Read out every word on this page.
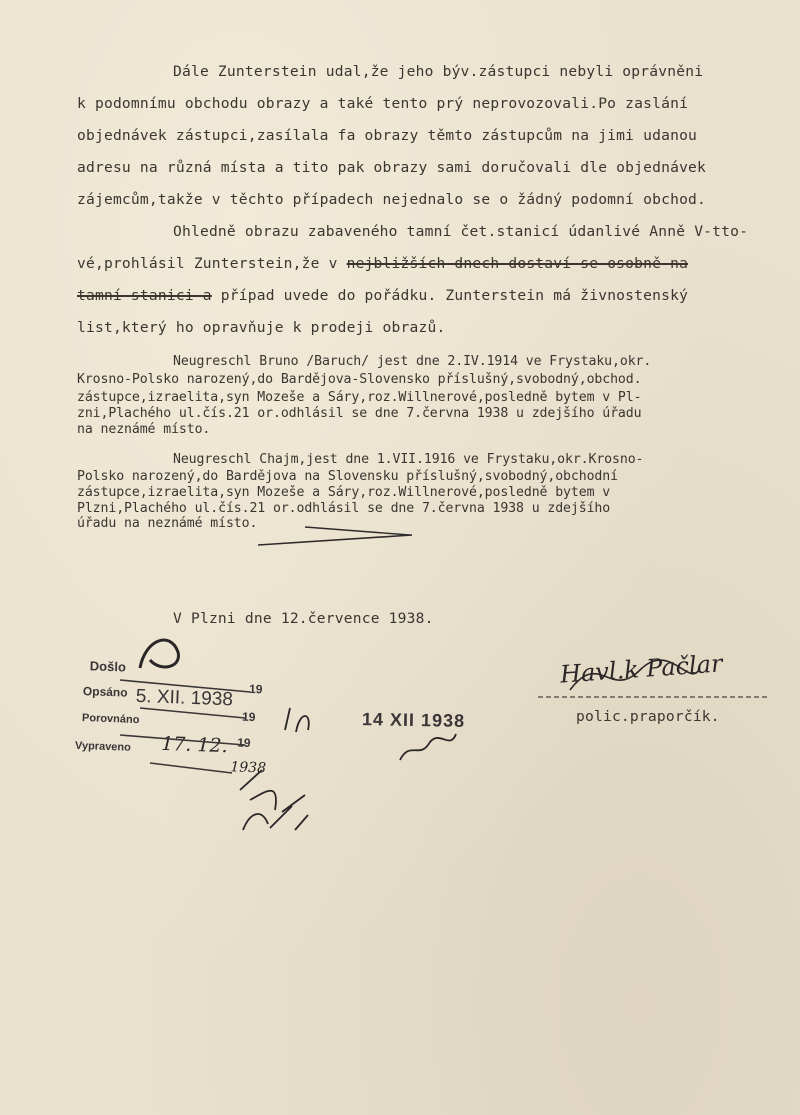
Dále Zunterstein udal,že jeho býv.zástupci nebyli oprávněni
k podomnímu obchodu obrazy a také tento prý neprovozovali.Po zaslání
objednávek zástupci,zasílala fa obrazy těmto zástupcům na jimi udanou
adresu na různá místa a tito pak obrazy sami doručovali dle objednávek
zájemcům,takže v těchto případech nejednalo se o žádný podomní obchod.
Ohledně obrazu zabaveného tamní čet.stanicí údanlivé Anně V-tto-
vé,prohlásil Zunterstein,že v nejbližších dnech dostaví se osobně na
tamní stanici a případ uvede do pořádku. Zunterstein má živnostenský
list,který ho opravňuje k prodeji obrazů.
Neugreschl Bruno /Baruch/ jest dne 2.IV.1914 ve Frystaku,okr.
Krosno-Polsko narozený,do Bardějova-Slovensko příslušný,svobodný,obchod.
zástupce,izraelita,syn Mozeše a Sáry,roz.Willnerové,posledně bytem v Pl-
zni,Plachého ul.čís.21 or.odhlásil se dne 7.června 1938 u zdejšího úřadu
na neznámé místo.
Neugreschl Chajm,jest dne 1.VII.1916 ve Frystaku,okr.Krosno-
Polsko narozený,do Bardějova na Slovensku příslušný,svobodný,obchodní
zástupce,izraelita,syn Mozeše a Sáry,roz.Willnerové,posledně bytem v
Plzni,Plachého ul.čís.21 or.odhlásil se dne 7.června 1938 u zdejšího
úřadu na neznámé místo.
V Plzni dne 12.července 1938.
Havl.k Pačlar
polic.praporčík.
Došlo
19
Opsáno 5. XII. 1938
19
Porovnáno
19
Vypraveno 17. 12.
1938
14 XII 1938
